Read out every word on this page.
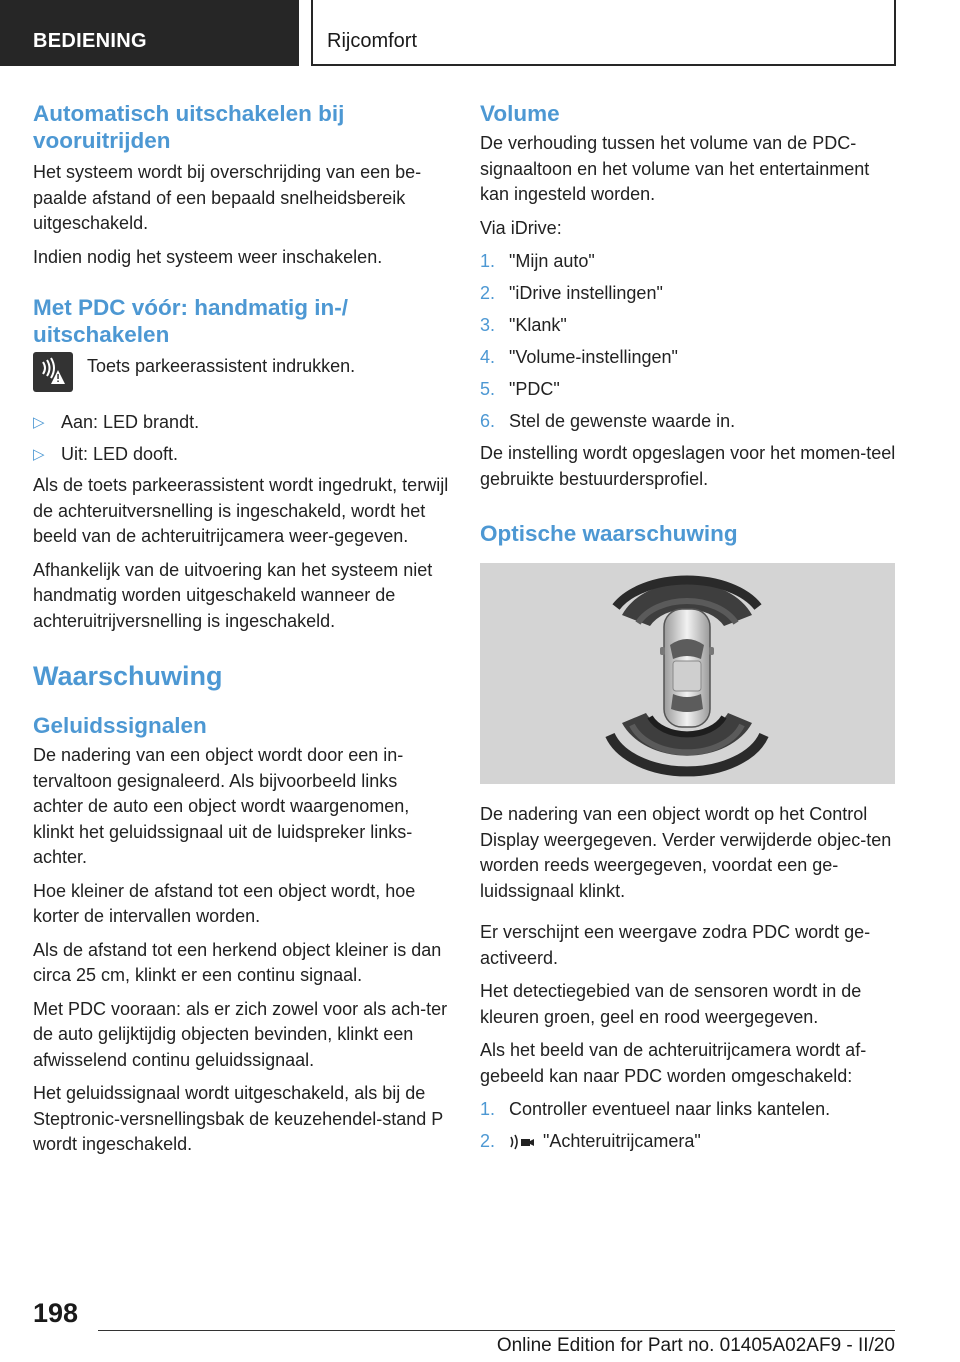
BEDIENING	Rijcomfort
Automatisch uitschakelen bij vooruitrijden

Het systeem wordt bij overschrijding van een be-paalde afstand of een bepaald snelheidsbereik uitgeschakeld.

Indien nodig het systeem weer inschakelen.

Met PDC vóór: handmatig in-/ uitschakelen

Toets parkeerassistent indrukken.

▷ Aan: LED brandt.
▷ Uit: LED dooft.

Als de toets parkeerassistent wordt ingedrukt, terwijl de achteruitversnelling is ingeschakeld, wordt het beeld van de achteruitrijcamera weer-gegeven.

Afhankelijk van de uitvoering kan het systeem niet handmatig worden uitgeschakeld wanneer de achteruitrijversnelling is ingeschakeld.

Waarschuwing
Geluidssignalen

De nadering van een object wordt door een in-tervaltoon gesignaleerd. Als bijvoorbeeld links achter de auto een object wordt waargenomen, klinkt het geluidssignaal uit de luidspreker links-achter.

Hoe kleiner de afstand tot een object wordt, hoe korter de intervallen worden.

Als de afstand tot een herkend object kleiner is dan circa 25 cm, klinkt er een continu signaal.

Met PDC vooraan: als er zich zowel voor als ach-ter de auto gelijktijdig objecten bevinden, klinkt een afwisselend continu geluidssignaal.

Het geluidssignaal wordt uitgeschakeld, als bij de Steptronic-versnellingsbak de keuzehendel-stand P wordt ingeschakeld.

Volume

De verhouding tussen het volume van de PDC-signaaltoon en het volume van het entertainment kan ingesteld worden.

Via iDrive:

1. "Mijn auto"
2. "iDrive instellingen"
3. "Klank"
4. "Volume-instellingen"
5. "PDC"
6. Stel de gewenste waarde in.

De instelling wordt opgeslagen voor het momen-teel gebruikte bestuurdersprofiel.

Optische waarschuwing

De nadering van een object wordt op het Control Display weergegeven. Verder verwijderde objec-ten worden reeds weergegeven, voordat een ge-luidssignaal klinkt.

Er verschijnt een weergave zodra PDC wordt ge-activeerd.

Het detectiegebied van de sensoren wordt in de kleuren groen, geel en rood weergegeven.

Als het beeld van de achteruitrijcamera wordt af-gebeeld kan naar PDC worden omgeschakeld:

1. Controller eventueel naar links kantelen.
2.	"Achteruitrijcamera"
198
Online Edition for Part no. 01405A02AF9 - II/20
